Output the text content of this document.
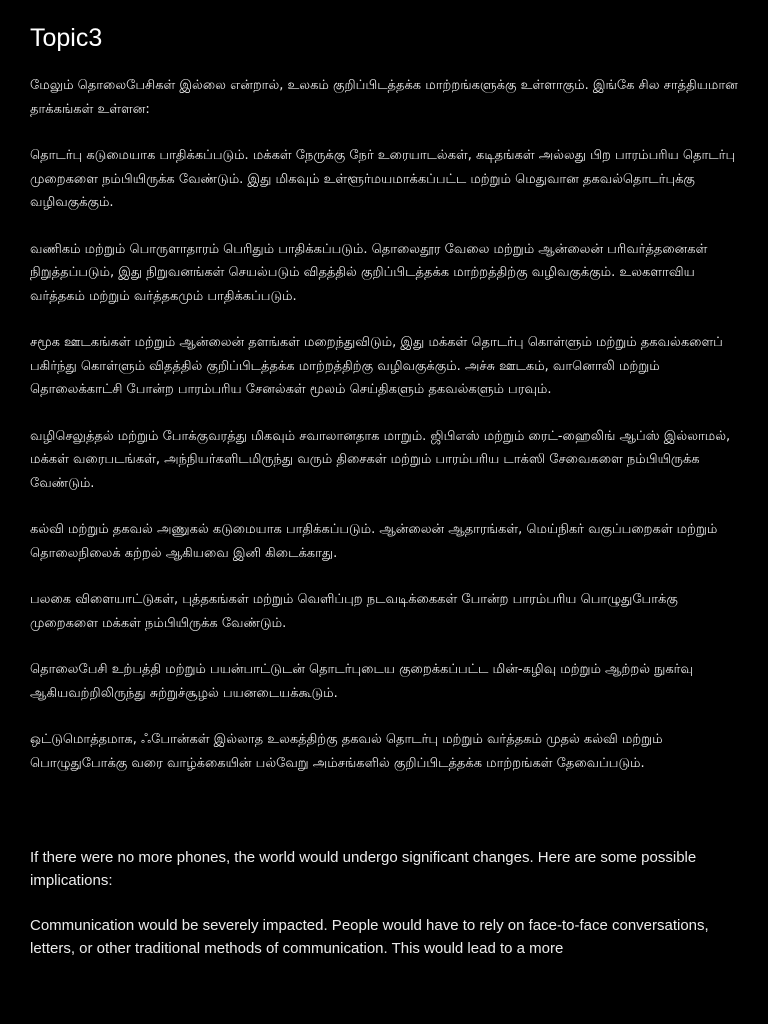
Topic3

மேலும் தொலைபேசிகள் இல்லை என்றால், உலகம் குறிப்பிடத்தக்க மாற்றங்களுக்கு உள்ளாகும். இங்கே சில சாத்தியமான தாக்கங்கள் உள்ளன:

தொடர்பு கடுமையாக பாதிக்கப்படும். மக்கள் நேருக்கு நேர் உரையாடல்கள், கடிதங்கள் அல்லது பிற பாரம்பரிய தொடர்பு முறைகளை நம்பியிருக்க வேண்டும். இது மிகவும் உள்ளூர்மயமாக்கப்பட்ட மற்றும் மெதுவான தகவல்தொடர்புக்கு வழிவகுக்கும்.

வணிகம் மற்றும் பொருளாதாரம் பெரிதும் பாதிக்கப்படும். தொலைதூர வேலை மற்றும் ஆன்லைன் பரிவர்த்தனைகள் நிறுத்தப்படும், இது நிறுவனங்கள் செயல்படும் விதத்தில் குறிப்பிடத்தக்க மாற்றத்திற்கு வழிவகுக்கும். உலகளாவிய வர்த்தகம் மற்றும் வர்த்தகமும் பாதிக்கப்படும்.

சமூக ஊடகங்கள் மற்றும் ஆன்லைன் தளங்கள் மறைந்துவிடும், இது மக்கள் தொடர்பு கொள்ளும் மற்றும் தகவல்களைப் பகிர்ந்து கொள்ளும் விதத்தில் குறிப்பிடத்தக்க மாற்றத்திற்கு வழிவகுக்கும். அச்சு ஊடகம், வானொலி மற்றும் தொலைக்காட்சி போன்ற பாரம்பரிய சேனல்கள் மூலம் செய்திகளும் தகவல்களும் பரவும்.

வழிசெலுத்தல் மற்றும் போக்குவரத்து மிகவும் சவாலானதாக மாறும். ஜிபிஎஸ் மற்றும் ரைட்-ஹைலிங் ஆப்ஸ் இல்லாமல், மக்கள் வரைபடங்கள், அந்நியர்களிடமிருந்து வரும் திசைகள் மற்றும் பாரம்பரிய டாக்ஸி சேவைகளை நம்பியிருக்க வேண்டும்.

கல்வி மற்றும் தகவல் அணுகல் கடுமையாக பாதிக்கப்படும். ஆன்லைன் ஆதாரங்கள், மெய்நிகர் வகுப்பறைகள் மற்றும் தொலைநிலைக் கற்றல் ஆகியவை இனி கிடைக்காது.

பலகை விளையாட்டுகள், புத்தகங்கள் மற்றும் வெளிப்புற நடவடிக்கைகள் போன்ற பாரம்பரிய பொழுதுபோக்கு முறைகளை மக்கள் நம்பியிருக்க வேண்டும்.

தொலைபேசி உற்பத்தி மற்றும் பயன்பாட்டுடன் தொடர்புடைய குறைக்கப்பட்ட மின்-கழிவு மற்றும் ஆற்றல் நுகர்வு ஆகியவற்றிலிருந்து சுற்றுச்சூழல் பயனடையக்கூடும்.

ஒட்டுமொத்தமாக, ஃபோன்கள் இல்லாத உலகத்திற்கு தகவல் தொடர்பு மற்றும் வர்த்தகம் முதல் கல்வி மற்றும் பொழுதுபோக்கு வரை வாழ்க்கையின் பல்வேறு அம்சங்களில் குறிப்பிடத்தக்க மாற்றங்கள் தேவைப்படும்.

If there were no more phones, the world would undergo significant changes. Here are some possible implications:

Communication would be severely impacted. People would have to rely on face-to-face conversations, letters, or other traditional methods of communication. This would lead to a more
